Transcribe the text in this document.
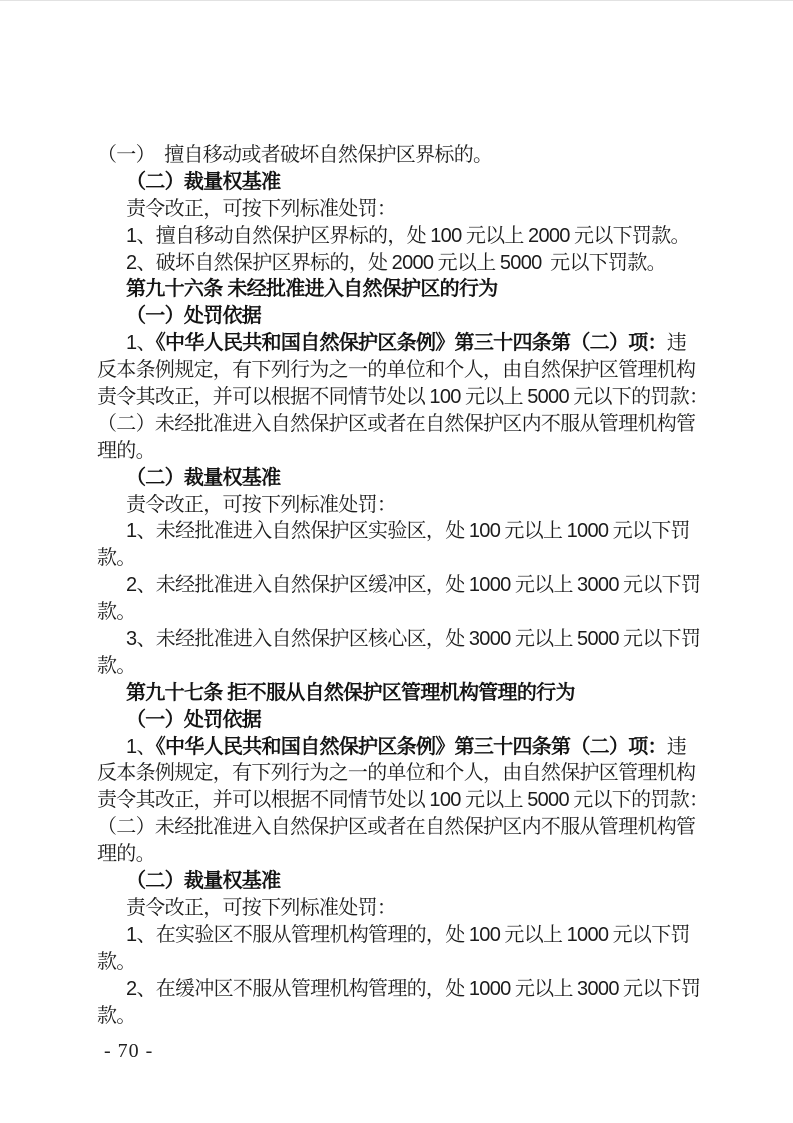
（一）　擅自移动或者破坏自然保护区界标的。
（二）裁量权基准
责令改正，可按下列标准处罚：
1、擅自移动自然保护区界标的，处 100 元以上 2000 元以下罚款。
2、破坏自然保护区界标的，处 2000 元以上 5000  元以下罚款。
第九十六条 未经批准进入自然保护区的行为
（一）处罚依据
1、《中华人民共和国自然保护区条例》第三十四条第（二）项：违
反本条例规定，有下列行为之一的单位和个人，由自然保护区管理机构
责令其改正，并可以根据不同情节处以 100 元以上 5000 元以下的罚款：
（二）未经批准进入自然保护区或者在自然保护区内不服从管理机构管
理的。
（二）裁量权基准
责令改正，可按下列标准处罚：
1、未经批准进入自然保护区实验区，处 100 元以上 1000 元以下罚
款。
2、未经批准进入自然保护区缓冲区，处 1000 元以上 3000 元以下罚
款。
3、未经批准进入自然保护区核心区，处 3000 元以上 5000 元以下罚
款。
第九十七条 拒不服从自然保护区管理机构管理的行为
（一）处罚依据
1、《中华人民共和国自然保护区条例》第三十四条第（二）项：违
反本条例规定，有下列行为之一的单位和个人，由自然保护区管理机构
责令其改正，并可以根据不同情节处以 100 元以上 5000 元以下的罚款：
（二）未经批准进入自然保护区或者在自然保护区内不服从管理机构管
理的。
（二）裁量权基准
责令改正，可按下列标准处罚：
1、在实验区不服从管理机构管理的，处 100 元以上 1000 元以下罚
款。
2、在缓冲区不服从管理机构管理的，处 1000 元以上 3000 元以下罚
款。
- 70 -
